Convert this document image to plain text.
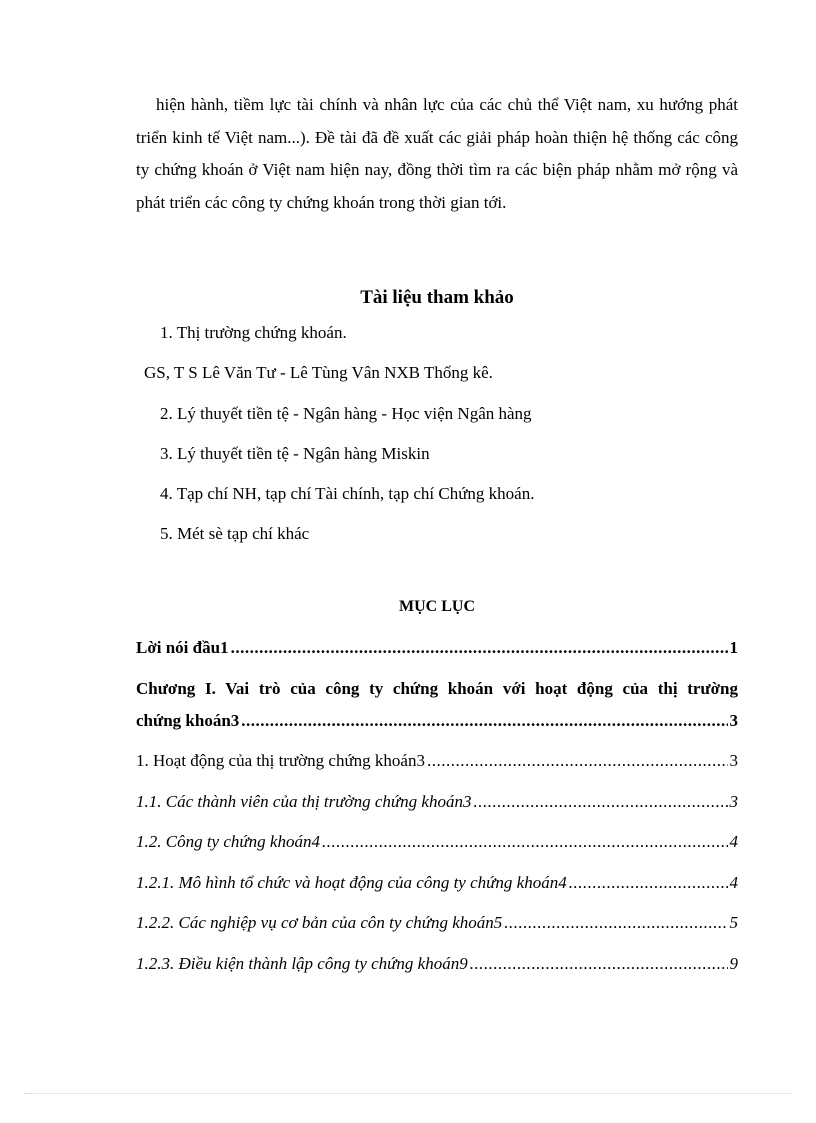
hiện hành, tiềm lực tài chính và nhân lực của các chủ thể Việt nam, xu hướng phát triển kinh tế Việt nam...). Đề tài đã đề xuất các giải pháp hoàn thiện hệ thống các công ty chứng khoán ở Việt nam hiện nay, đồng thời tìm ra các biện pháp nhằm mở rộng và phát triển các công ty chứng khoán trong thời gian tới.

Tài liệu tham khảo
1. Thị trường chứng khoán.
GS, T S Lê Văn Tư - Lê Tùng Vân NXB Thống kê.
2. Lý thuyết tiền tệ - Ngân hàng - Học viện Ngân hàng
3. Lý thuyết tiền tệ - Ngân hàng Miskin
4. Tạp chí NH, tạp chí Tài chính, tạp chí Chứng khoán.
5. Mét sè tạp chí khác
MỤC LỤC
Lời nói đầu1 .....	1
Chương I. Vai trò của công ty chứng khoán với hoạt động của thị trường
chứng khoán3 .....	3
1. Hoạt động của thị trường chứng khoán3 .....	3
1.1. Các thành viên của thị trường chứng khoán3 .....	3
1.2. Công ty chứng khoán4 .....	4
1.2.1. Mô hình tổ chức và hoạt động của công ty chứng khoán4 .....	4
1.2.2. Các nghiệp vụ cơ bản của côn ty chứng khoán5 .....	5
1.2.3. Điều kiện thành lập công ty chứng khoán9 .....	9
